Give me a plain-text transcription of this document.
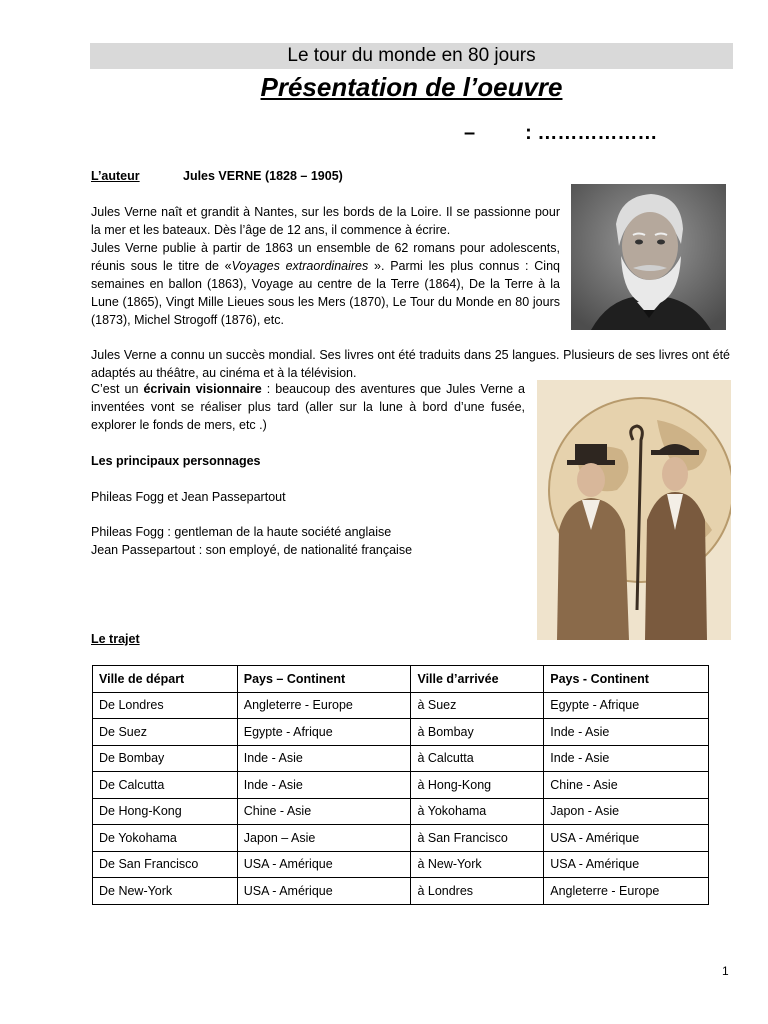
Le tour du monde en 80 jours
Présentation de l’oeuvre
–         : ………………
L’auteur	Jules VERNE (1828 – 1905)
Jules Verne naît et grandit à Nantes, sur les bords de la Loire. Il se passionne pour la mer et les bateaux. Dès l’âge de 12 ans, il commence à écrire.
Jules Verne publie à partir de 1863 un ensemble de 62 romans pour adolescents, réunis sous le titre de «Voyages extraordinaires ». Parmi les plus connus : Cinq semaines en ballon (1863), Voyage au centre de la Terre (1864), De la Terre à la Lune (1865), Vingt Mille Lieues sous les Mers (1870), Le Tour du Monde en 80 jours (1873), Michel Strogoff (1876), etc.
Jules Verne a connu un succès mondial. Ses livres ont été traduits dans 25 langues. Plusieurs de ses livres ont été adaptés au théâtre, au cinéma et à la télévision.
C’est un écrivain visionnaire : beaucoup des aventures que Jules Verne a inventées vont se réaliser plus tard (aller sur la lune à bord d’une fusée, explorer le fonds de mers, etc .)
Les principaux personnages
Phileas Fogg et Jean Passepartout
Phileas Fogg : gentleman de la haute société anglaise
Jean Passepartout : son employé, de nationalité française
Le trajet
Ville de départ	Pays – Continent	Ville d’arrivée	Pays - Continent
De Londres	Angleterre - Europe	à Suez	Egypte - Afrique
De Suez	Egypte - Afrique	à Bombay	Inde - Asie
De Bombay	Inde - Asie	à Calcutta	Inde - Asie
De Calcutta	Inde - Asie	à Hong-Kong	Chine - Asie
De Hong-Kong	Chine - Asie	à Yokohama	Japon - Asie
De Yokohama	Japon – Asie	à San Francisco	USA - Amérique
De San Francisco	USA - Amérique	à New-York	USA - Amérique
De New-York	USA - Amérique	à Londres	Angleterre - Europe
1
